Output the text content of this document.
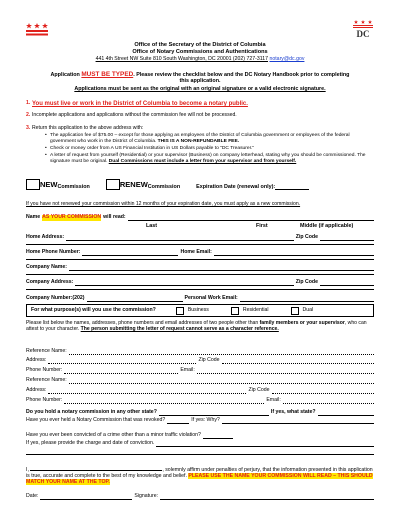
DC
Office of the Secretary of the District of Columbia
Office of Notary Commissions and Authentications
441 4th Street NW Suite 810 South Washington, DC 20001 (202) 727-3117 notary@dc.gov
Application MUST BE TYPED. Please review the checklist below and the DC Notary Handbook prior to completing this application.
Applications must be sent as the original with an original signature or a valid electronic signature.
1. You must live or work in the District of Columbia to become a notary public.
2. Incomplete applications and applications without the commission fee will not be processed.
3. Return this application to the above address with:
• The application fee of $75.00 – except for those applying as employees of the District of Columbia government or employees of the federal government who work in the District of Columbia. THIS IS A NON-REFUNDABLE FEE.
• Check or money order from A US Financial Institution in US Dollars payable to "DC Treasurer."
• A letter of request from yourself (Residential) or your supervisor (Business) on company letterhead, stating why you should be commissioned. The signature must be original. Dual Commissions must include a letter from your supervisor and from yourself.
NEW Commission	RENEW Commission	Expiration Date (renewal only):
If you have not renewed your commission within 12 months of your expiration date, you must apply as a new commission.
Name AS YOUR COMMISSION will read:
Last	First	Middle (if applicable)
Home Address:	Zip Code
Home Phone Number:	Home Email:
Company Name:
Company Address:	Zip Code
Company Number:(202)	Personal Work Email:
For what purpose(s) will you use the commission?	Business	Residential	Dual
Please list below the names, addresses, phone numbers and email addresses of two people other than family members or your supervisor, who can attest to your character. The person submitting the letter of request cannot serve as a character reference.
Reference Name:
Address:	Zip Code
Phone Number:	Email:
Reference Name:
Address:	Zip Code
Phone Number:	Email:
Do you hold a notary commission in any other state?	If yes, what state?
Have you ever held a Notary Commission that was revoked?	If yes: Why?
Have you ever been convicted of a crime other than a minor traffic violation?
If yes, please provide the charge and date of conviction.
I,	, solemnly affirm under penalties of perjury, that the information presented in this application is true, accurate and complete to the best of my knowledge and belief. PLEASE USE THE NAME YOUR COMMISSION WILL READ – THIS SHOULD MATCH YOUR NAME AT THE TOP.
Date:	Signature:
